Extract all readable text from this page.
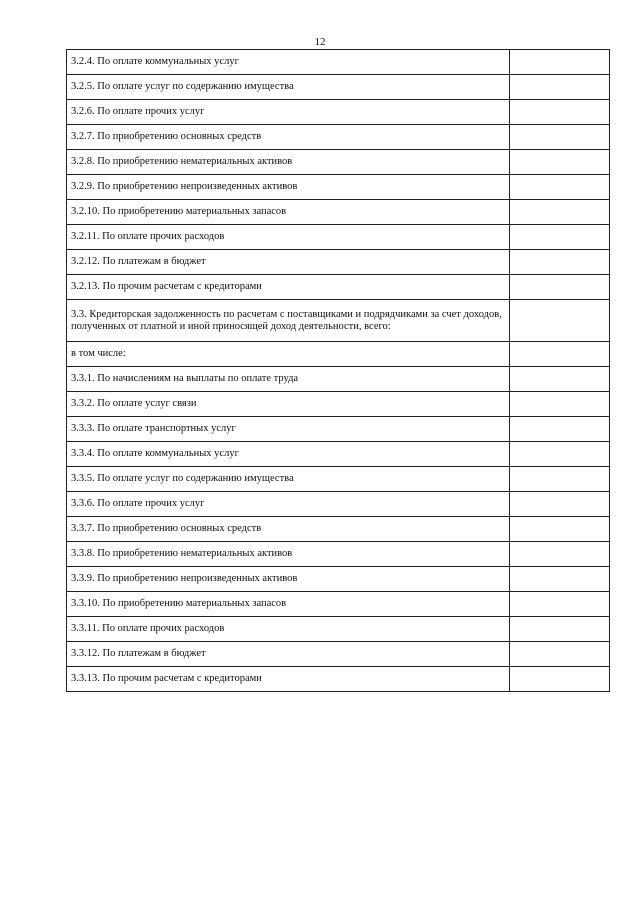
12
3.2.4. По оплате коммунальных услуг	
3.2.5. По оплате услуг по содержанию имущества	
3.2.6. По оплате прочих услуг	
3.2.7. По приобретению основных средств	
3.2.8. По приобретению нематериальных активов	
3.2.9. По приобретению непроизведенных активов	
3.2.10. По приобретению материальных запасов	
3.2.11. По оплате прочих расходов	
3.2.12. По платежам в бюджет	
3.2.13. По прочим расчетам с кредиторами	
3.3. Кредиторская задолженность по расчетам с поставщиками и подрядчиками за счет доходов, полученных от платной и иной приносящей доход деятельности, всего:	
в том числе:	
3.3.1. По начислениям на выплаты по оплате труда	
3.3.2. По оплате услуг связи	
3.3.3. По оплате транспортных услуг	
3.3.4. По оплате коммунальных услуг	
3.3.5. По оплате услуг по содержанию имущества	
3.3.6. По оплате прочих услуг	
3.3.7. По приобретению основных средств	
3.3.8. По приобретению нематериальных активов	
3.3.9. По приобретению непроизведенных активов	
3.3.10. По приобретению материальных запасов	
3.3.11. По оплате прочих расходов	
3.3.12. По платежам в бюджет	
3.3.13. По прочим расчетам с кредиторами	
